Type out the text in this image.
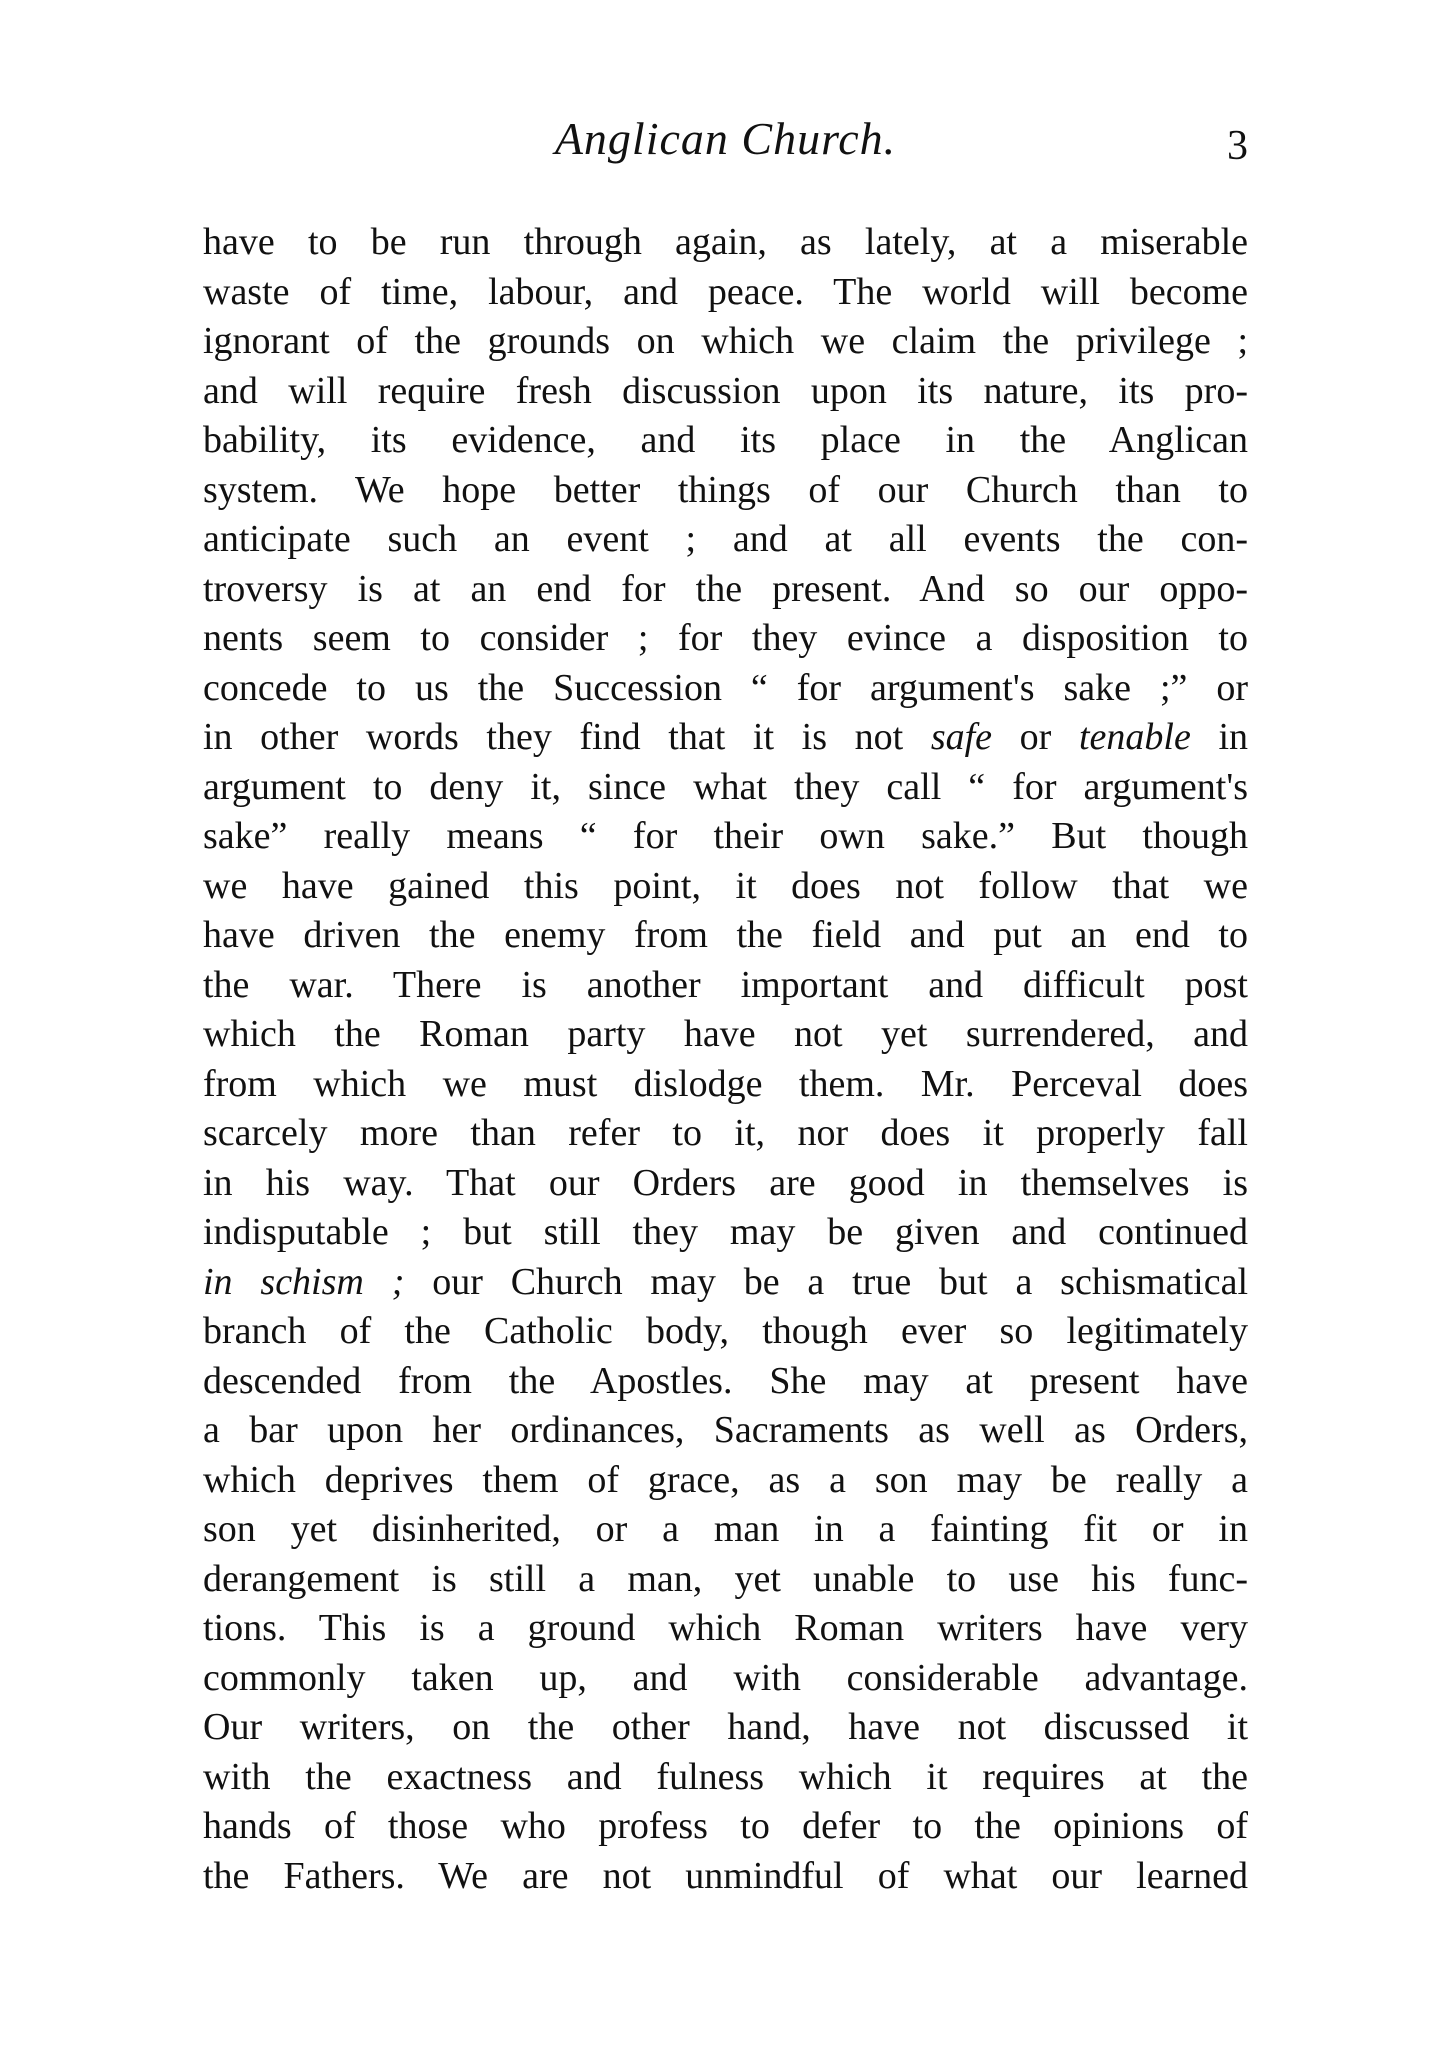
Anglican Church.	3
have to be run through again, as lately, at a miserable
waste of time, labour, and peace. The world will become
ignorant of the grounds on which we claim the privilege ;
and will require fresh discussion upon its nature, its pro-
bability, its evidence, and its place in the Anglican
system. We hope better things of our Church than to
anticipate such an event ; and at all events the con-
troversy is at an end for the present. And so our oppo-
nents seem to consider ; for they evince a disposition to
concede to us the Succession “ for argument's sake ;” or
in other words they find that it is not safe or tenable in
argument to deny it, since what they call “ for argument's
sake” really means “ for their own sake.” But though
we have gained this point, it does not follow that we
have driven the enemy from the field and put an end to
the war. There is another important and difficult post
which the Roman party have not yet surrendered, and
from which we must dislodge them. Mr. Perceval does
scarcely more than refer to it, nor does it properly fall
in his way. That our Orders are good in themselves is
indisputable ; but still they may be given and continued
in schism ; our Church may be a true but a schismatical
branch of the Catholic body, though ever so legitimately
descended from the Apostles. She may at present have
a bar upon her ordinances, Sacraments as well as Orders,
which deprives them of grace, as a son may be really a
son yet disinherited, or a man in a fainting fit or in
derangement is still a man, yet unable to use his func-
tions. This is a ground which Roman writers have very
commonly taken up, and with considerable advantage.
Our writers, on the other hand, have not discussed it
with the exactness and fulness which it requires at the
hands of those who profess to defer to the opinions of
the Fathers. We are not unmindful of what our learned
